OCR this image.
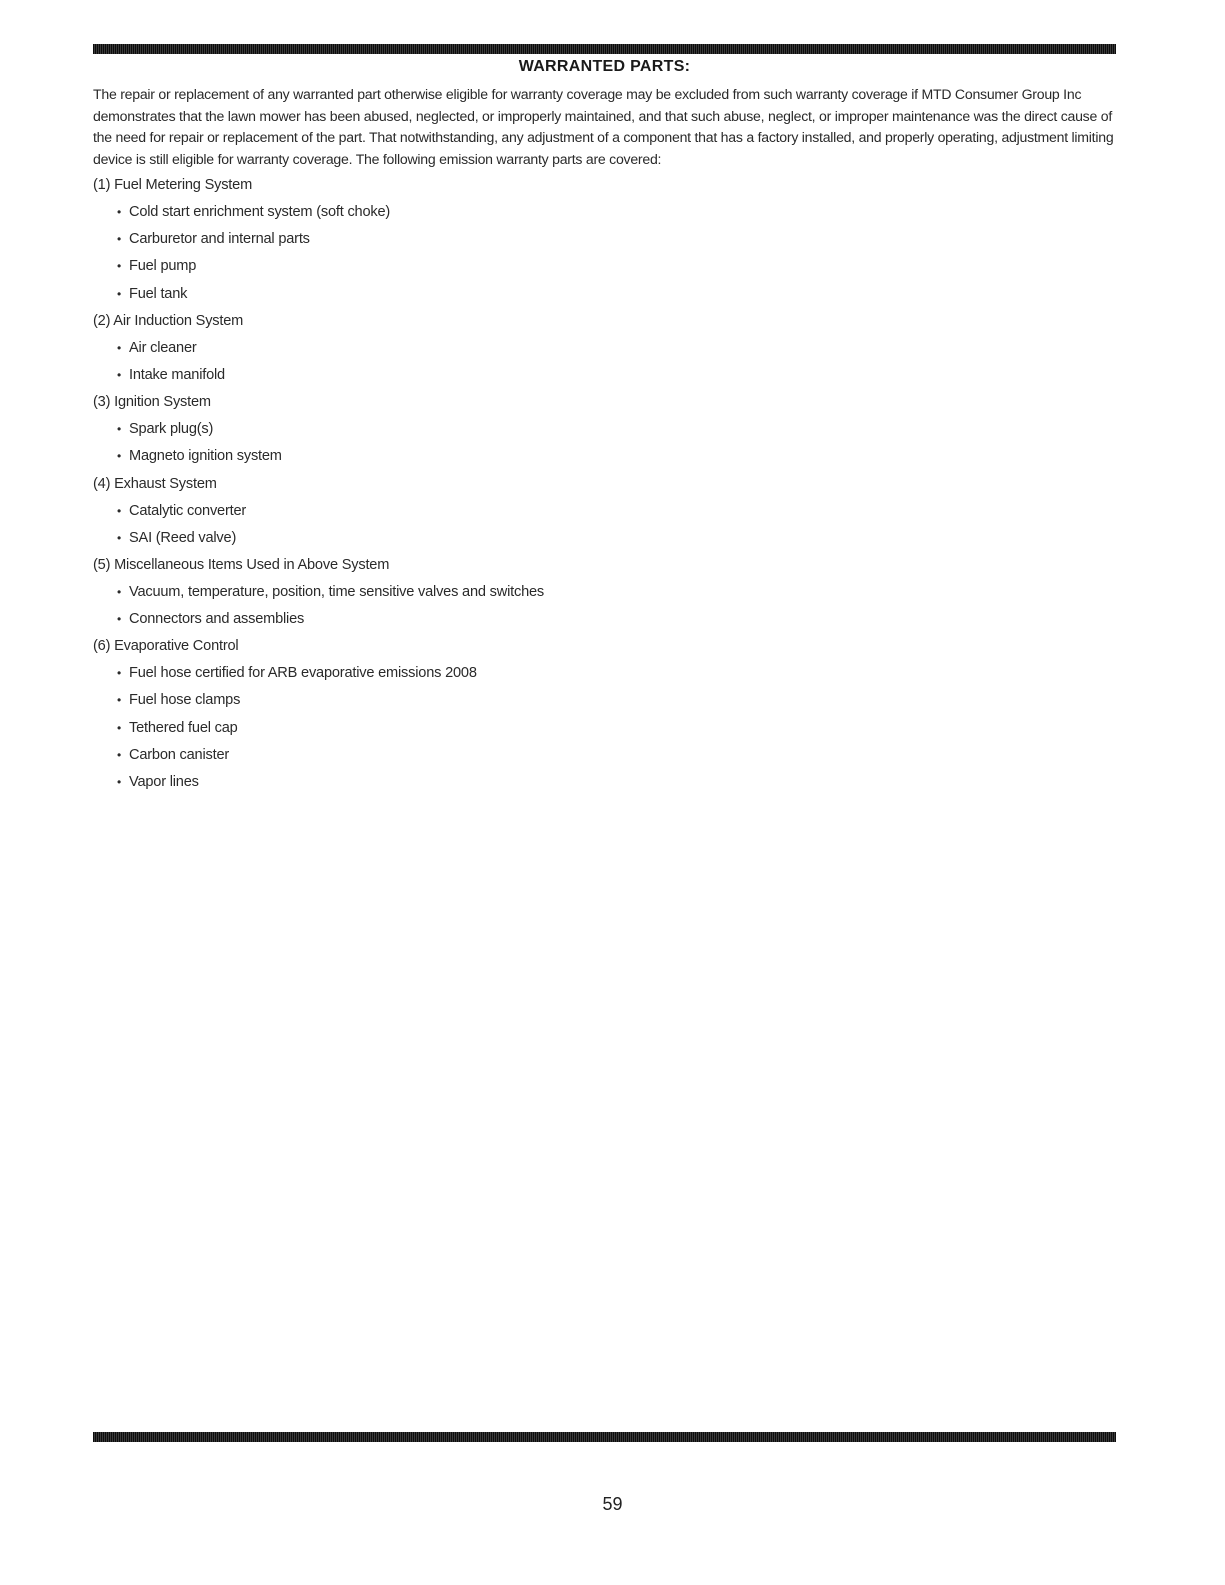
WARRANTED PARTS:

The repair or replacement of any warranted part otherwise eligible for warranty coverage may be excluded from such warranty coverage if MTD Consumer Group Inc demonstrates that the lawn mower has been abused, neglected, or improperly maintained, and that such abuse, neglect, or improper maintenance was the direct cause of the need for repair or replacement of the part. That notwithstanding, any adjustment of a component that has a factory installed, and properly operating, adjustment limiting device is still eligible for warranty coverage. The following emission warranty parts are covered:

(1) Fuel Metering System
• Cold start enrichment system (soft choke)
• Carburetor and internal parts
• Fuel pump
• Fuel tank
(2) Air Induction System
• Air cleaner
• Intake manifold
(3) Ignition System
• Spark plug(s)
• Magneto ignition system
(4) Exhaust System
• Catalytic converter
• SAI (Reed valve)
(5) Miscellaneous Items Used in Above System
• Vacuum, temperature, position, time sensitive valves and switches
• Connectors and assemblies
(6) Evaporative Control
• Fuel hose certified for ARB evaporative emissions 2008
• Fuel hose clamps
• Tethered fuel cap
• Carbon canister
• Vapor lines
59
